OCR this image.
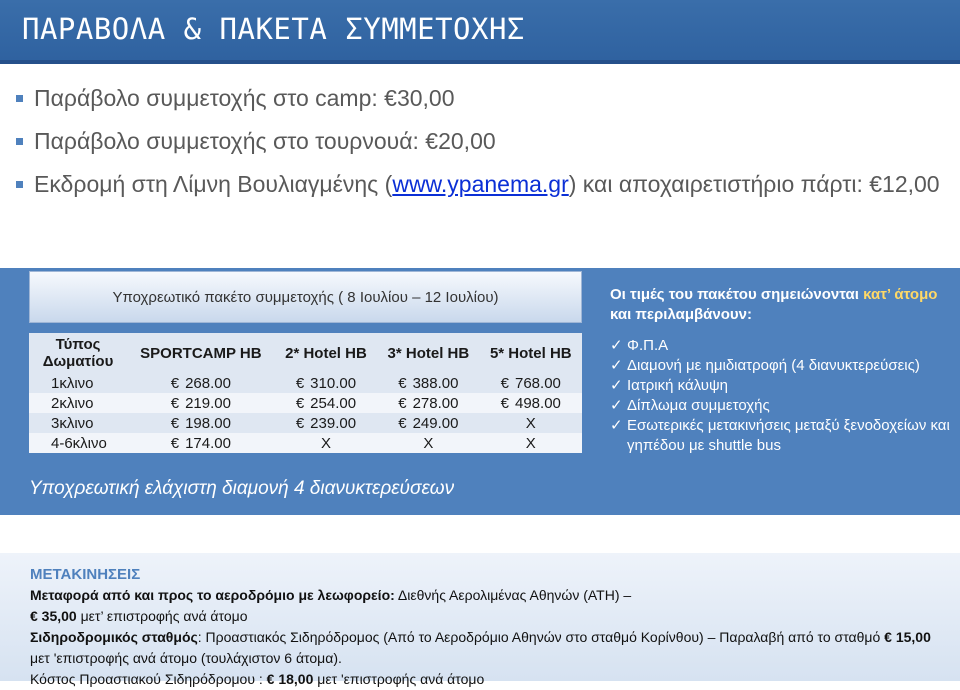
ΠΑΡΑΒΟΛΑ & ΠΑΚΕΤΑ ΣΥΜΜΕΤΟΧΗΣ
Παράβολο συμμετοχής στο camp: €30,00
Παράβολο συμμετοχής στο τουρνουά: €20,00
Εκδρομή στη Λίμνη Βουλιαγμένης (www.ypanema.gr) και αποχαιρετιστήριο πάρτι: €12,00
Υποχρεωτικό πακέτο συμμετοχής ( 8 Ιουλίου – 12 Ιουλίου)
Τύπος Δωματίου	SPORTCAMP HB	2* Hotel HB	3* Hotel HB	5* Hotel HB
1κλινο	€ 268.00	€ 310.00	€ 388.00	€ 768.00
2κλινο	€ 219.00	€ 254.00	€ 278.00	€ 498.00
3κλινο	€ 198.00	€ 239.00	€ 249.00	X
4-6κλινο	€ 174.00	X	X	X
Υποχρεωτική ελάχιστη διαμονή 4 διανυκτερεύσεων
Οι τιμές του πακέτου σημειώνονται κατ’ άτομο και περιλαμβάνουν:
✓ Φ.Π.Α
✓ Διαμονή με ημιδιατροφή (4 διανυκτερεύσεις)
✓ Ιατρική κάλυψη
✓ Δίπλωμα συμμετοχής
✓ Εσωτερικές μετακινήσεις μεταξύ ξενοδοχείων και γηπέδου με shuttle bus
ΜΕΤΑΚΙΝΗΣΕΙΣ

Μεταφορά από και προς το αεροδρόμιο με λεωφορείο: Διεθνής Αερολιμένας Αθηνών (ΑΤΗ) –

€ 35,00 μετ’ επιστροφής ανά άτομο

Σιδηροδρομικός σταθμός: Προαστιακός Σιδηρόδρομος (Από το Αεροδρόμιο Αθηνών στο σταθμό Κορίνθου) – Παραλαβή από το σταθμό € 15,00 μετ 'επιστροφής ανά άτομο (τουλάχιστον 6 άτομα).

Κόστος Προαστιακού Σιδηρόδρομου : € 18,00 μετ 'επιστροφής ανά άτομο
